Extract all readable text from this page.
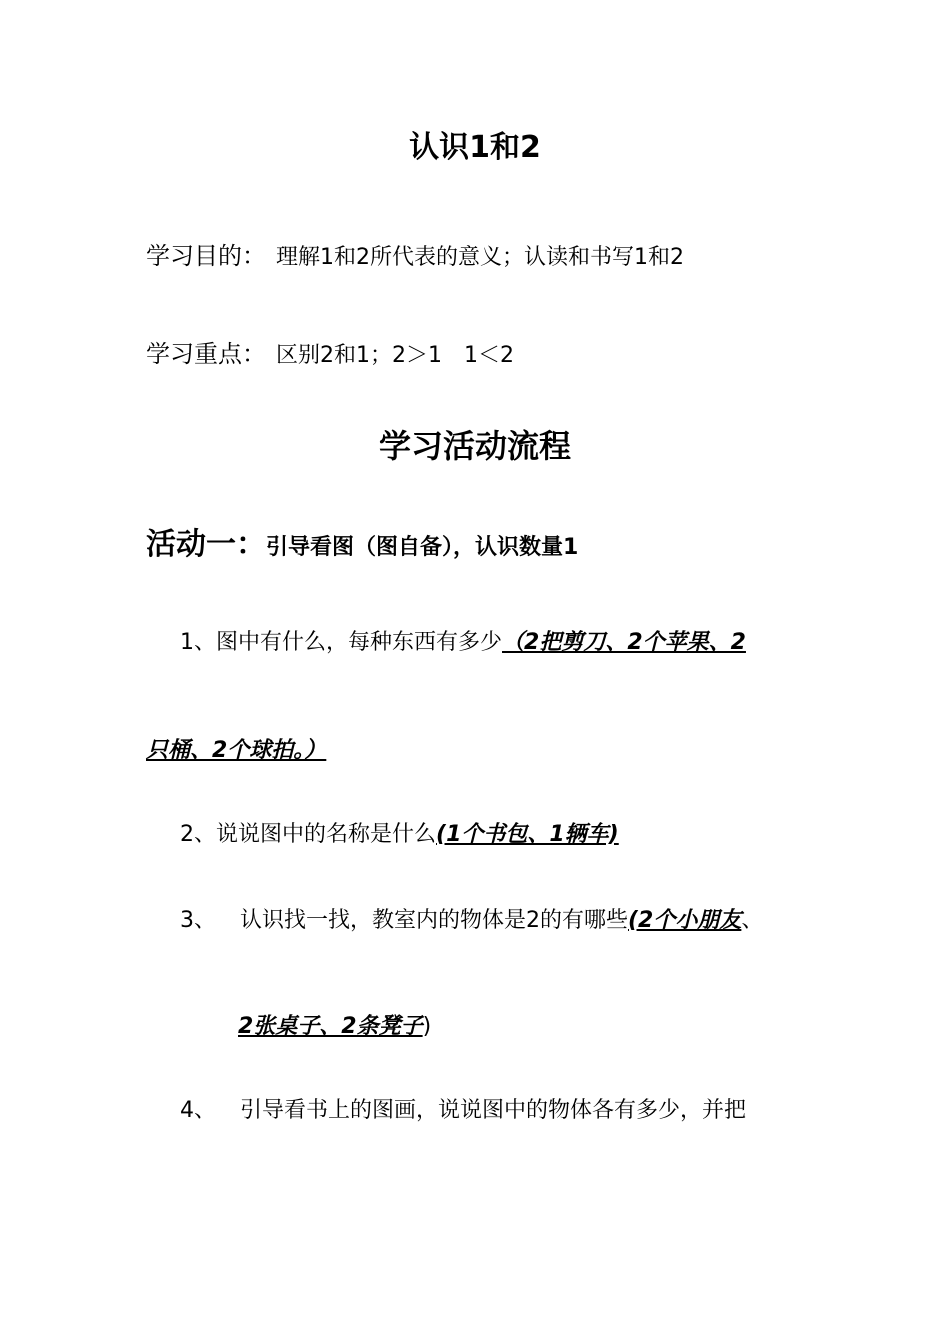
认识1和2
学习目的： 理解1和2所代表的意义；认读和书写1和2
学习重点： 区别2和1；2＞1 1＜2
学习活动流程
活动一：引导看图（图自备），认识数量1
1、图中有什么，每种东西有多少（2把剪刀、2个苹果、2
只桶、2个球拍。）
2、说说图中的名称是什么(1个书包、1辆车)
3、 认识找一找，教室内的物体是2的有哪些(2个小朋友、
2张桌子、2条凳子)
4、 引导看书上的图画，说说图中的物体各有多少，并把
